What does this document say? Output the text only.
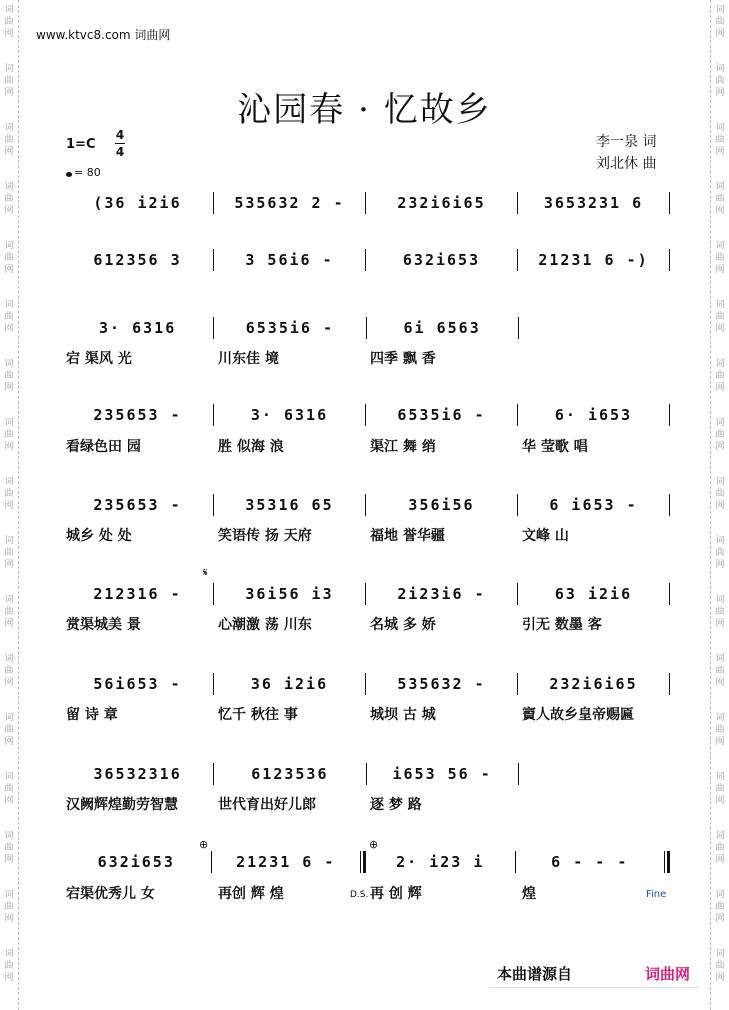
词
曲
网
词
曲
网
词
曲
网
词
曲
网
词
曲
网
词
曲
网
词
曲
网
词
曲
网
词
曲
网
词
曲
网
词
曲
网
词
曲
网
词
曲
网
词
曲
网
词
曲
网
词
曲
网
词
曲
网
词
曲
网
词
曲
网
词
曲
网
词
曲
网
词
曲
网
词
曲
网
词
曲
网
词
曲
网
词
曲
网
词
曲
网
词
曲
网
词
曲
网
词
曲
网
词
曲
网
词
曲
网
词
曲
网
词
曲
网
www.ktvc8.com 词曲网
沁园春 · 忆故乡
1=C
4
4
= 80
李一泉 词
刘北休 曲
(36 i2i6	535632 2 -	232i6i65	3653231 6
612356 3	3 56i6 -	632i653	21231 6 -)
3· 6316	6535i6 -	6i 6563
宕 渠风 光	川东佳 境	四季 飘 香
235653 -	3· 6316	6535i6 -	6· i653
看绿色田 园	胜 似海 浪	渠江 舞 绡	华 莹歌 唱
235653 -	35316 65	356i56	6 i653 -
城乡 处 处	笑语传 扬 天府	福地 誉华疆	文峰 山
𝄋
212316 -	36i56 i3	2i23i6 -	63 i2i6
赏渠城美 景	心潮激 荡 川东	名城 多 娇	引无 数墨 客
56i653 -	36 i2i6	535632 -	232i6i65
留 诗 章	忆千 秋往 事	城坝 古 城	賨人故乡皇帝赐匾
36532316	6123536	i653 56 -
汉阙辉煌勤劳智慧	世代育出好儿郎	逐 梦 路
⊕	⊕
632i653	21231 6 -	2· i23 i	6 - - -
宕渠优秀儿 女	再创 辉 煌	再 创 辉	煌
D.S.	Fine
本曲谱源自	词曲网
